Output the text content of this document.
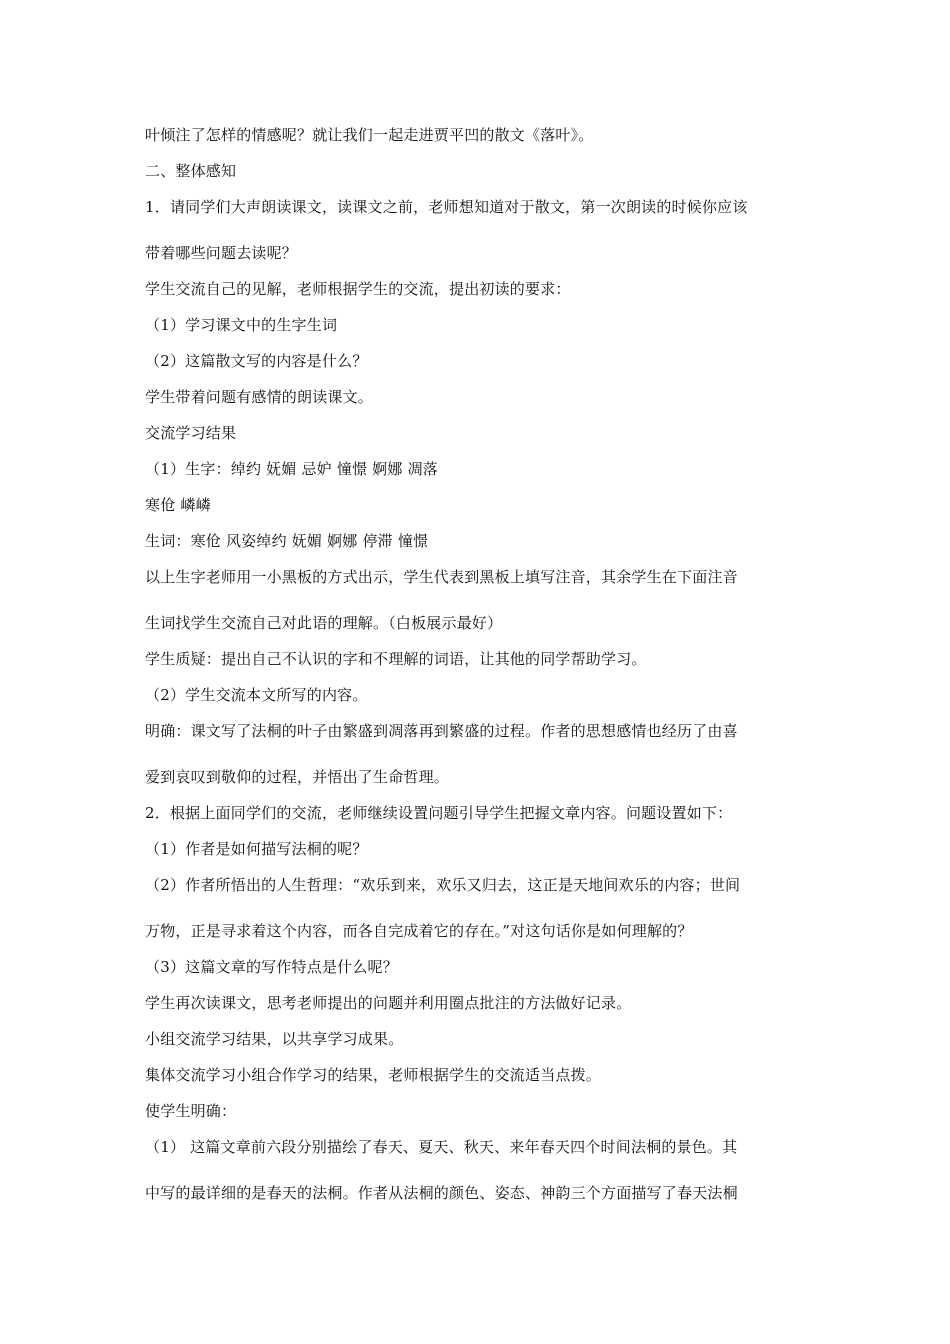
叶倾注了怎样的情感呢？就让我们一起走进贾平凹的散文《落叶》。

二、整体感知

1．请同学们大声朗读课文，读课文之前，老师想知道对于散文，第一次朗读的时候你应该

带着哪些问题去读呢？

学生交流自己的见解，老师根据学生的交流，提出初读的要求：

（1）学习课文中的生字生词

（2）这篇散文写的内容是什么？

学生带着问题有感情的朗读课文。

交流学习结果

（1）生字：绰约 妩媚 忌妒 憧憬 婀娜 凋落

寒伧 嶙嶙

生词：寒伧 风姿绰约 妩媚 婀娜 停滞 憧憬

以上生字老师用一小黑板的方式出示，学生代表到黑板上填写注音，其余学生在下面注音

生词找学生交流自己对此语的理解。（白板展示最好）

学生质疑：提出自己不认识的字和不理解的词语，让其他的同学帮助学习。

（2）学生交流本文所写的内容。

明确：课文写了法桐的叶子由繁盛到凋落再到繁盛的过程。作者的思想感情也经历了由喜

爱到哀叹到敬仰的过程，并悟出了生命哲理。

2．根据上面同学们的交流，老师继续设置问题引导学生把握文章内容。问题设置如下：

（1）作者是如何描写法桐的呢？

（2）作者所悟出的人生哲理：“欢乐到来，欢乐又归去，这正是天地间欢乐的内容；世间

万物，正是寻求着这个内容，而各自完成着它的存在。”对这句话你是如何理解的？

（3）这篇文章的写作特点是什么呢？

学生再次读课文，思考老师提出的问题并利用圈点批注的方法做好记录。

小组交流学习结果，以共享学习成果。

集体交流学习小组合作学习的结果，老师根据学生的交流适当点拨。

使学生明确：

（1） 这篇文章前六段分别描绘了春天、夏天、秋天、来年春天四个时间法桐的景色。其

中写的最详细的是春天的法桐。作者从法桐的颜色、姿态、神韵三个方面描写了春天法桐
